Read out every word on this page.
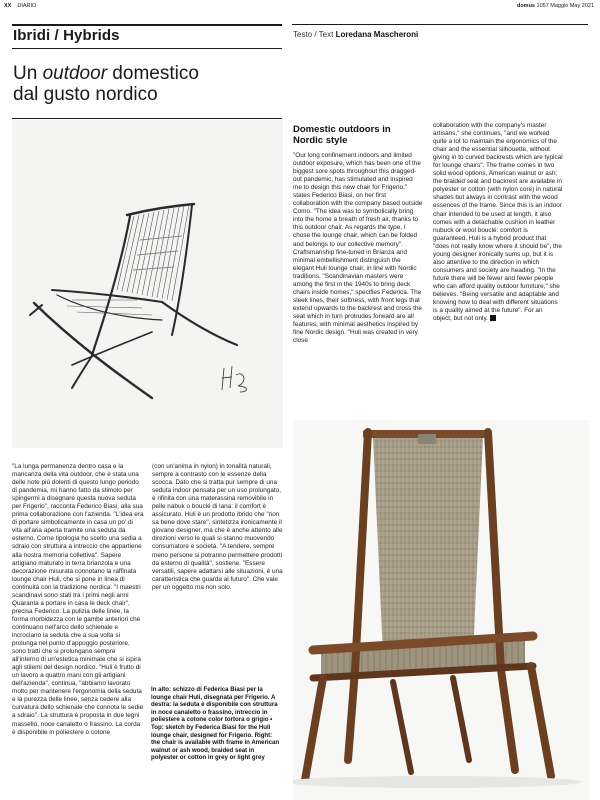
XX DIARIO	domus 1057 Maggio May 2021
Ibridi / Hybrids	Testo / Text Loredana Mascheroni
Un outdoor domestico
dal gusto nordico

"La lunga permanenza dentro casa e la mancanza della vita outdoor, che è stata una delle note più dolenti di questo lungo periodo di pandemia, mi hanno fatto da stimolo per spingermi a disegnare questa nuova seduta per Frigerio", racconta Federico Biasi, alla sua prima collaborazione con l'azienda. "L'idea era di portare simbolicamente in casa un po' di vita all'aria aperta tramite una seduta da esterno. Come tipologia ho scelto una sedia a sdraio con struttura a intreccio che appartiene alla nostra memoria collettiva". Sapere artigiano maturato in terra brianzola e una decorazione misurata connotano la raffinata lounge chair Huli, che si pone in linea di continuità con la tradizione nordica. "I maestri scandinavi sono stati tra i primi negli anni Quaranta a portare in casa le deck chair", precisa Federico. La pulizia delle linee, la forma morbidezza con le gambe anteriori che continuano nell'arco dello schienale e incrociano la seduta che a sua volta si prolunga nel punto d'appoggio posteriore, sono tratti che si prolungano sempre all'interno di un'estetica minimale che si ispira agli stilemi del design nordico. "Huli è frutto di un lavoro a quattro mani con gli artigiani dell'azienda", continua, "abbiamo lavorato molto per mantenere l'ergonomia della seduta e la purezza delle linee, senza cedere alla curvatura dello schienale che connota le sedie a sdraio". La struttura è proposta in due legni massello, noce canaletto o frassino. La corda è disponibile in poliestere o cotone

(con un'anima in nylon) in tonalità naturali, sempre a contrasto con le essenze della scocca. Dato che si tratta pur sempre di una seduta indoor pensata per un uso prolungato, è rifinita con una materassina removibile in pelle nabuk o bouclé di lana: il comfort è assicurato. Huli è un prodotto ibrido che "non sa bene dove stare", sintetizza ironicamente il giovane designer, ma che è anche attento alle direzioni verso le quali si stanno muovendo consumatore e società. "A tendere, sempre meno persone si potranno permettere prodotti da esterno di qualità", sostiene. "Essere versatili, sapere adattarsi alle situazioni, è una caratteristica che guarda al futuro". Che vale per un oggetto ma non solo.

Domestic outdoors in Nordic style

"Our long confinement indoors and limited outdoor exposure, which has been one of the biggest sore spots throughout this dragged-out pandemic, has stimulated and inspired me to design this new chair for Frigerio," states Federico Biasi, on her first collaboration with the company based outside Como. "The idea was to symbolically bring into the home a breath of fresh air, thanks to this outdoor chair. As regards the type, I chose the lounge chair, which can be folded and belongs to our collective memory". Craftsmanship fine-tuned in Brianza and minimal embellishment distinguish the elegant Huli lounge chair, in line with Nordic traditions. "Scandinavian masters were among the first in the 1940s to bring deck chairs inside homes," specifies Federica. The sleek lines, their softness, with front legs that extend upwards to the backrest and cross the seat which in turn protrudes forward are all features, with minimal aesthetics inspired by fine Nordic design. "Huli was created in very close

collaboration with the company's master artisans," she continues, "and we worked quite a lot to maintain the ergonomics of the chair and the essential silhouette, without giving in to curved backrests which are typical for lounge chairs". The frame comes in two solid wood options, American walnut or ash; the braided seat and backrest are available in polyester or cotton (with nylon core) in natural shades but always in contrast with the wood essences of the frame. Since this is an indoor chair intended to be used at length, it also comes with a detachable cushion in leather nubuck or wool bouclé: comfort is guaranteed. Huli is a hybrid product that "does not really know where it should be", the young designer ironically sums up, but it is also attentive to the direction in which consumers and society are heading. "In the future there will be fewer and fewer people who can afford quality outdoor furniture," she believes. "Being versatile and adaptable and knowing how to deal with different situations is a quality aimed at the future". For an object, but not only.

In alto: schizzo di Federica Biasi per la lounge chair Huli, disegnata per Frigerio. A destra: la seduta è disponibile con struttura in noce canaletto o frassino, intreccio in poliestere a cotone color tortora o grigio • Top: sketch by Federica Biasi for the Huli lounge chair, designed for Frigerio. Right: the chair is available with frame in American walnut or ash wood, braided seat in polyester or cotton in grey or light grey
